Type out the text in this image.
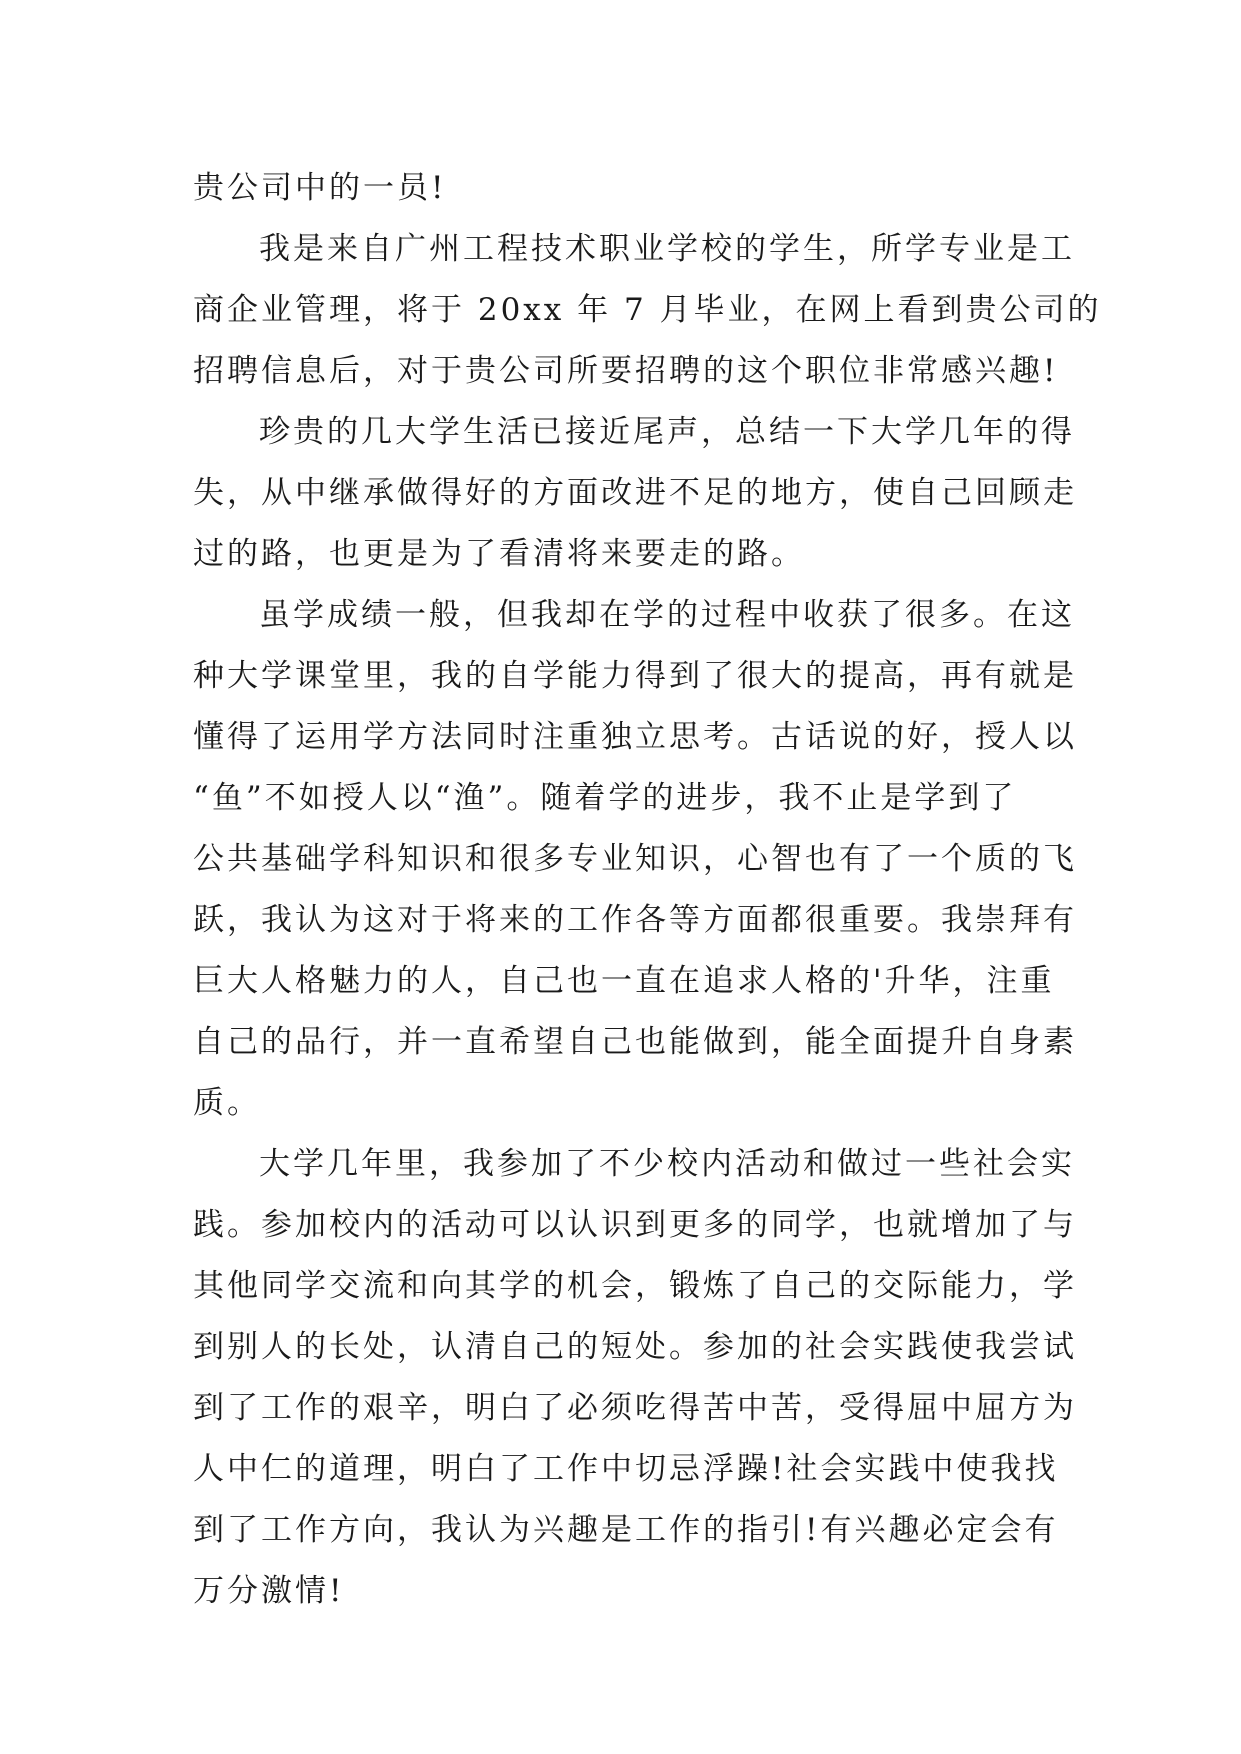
贵公司中的一员!
我是来自广州工程技术职业学校的学生，所学专业是工
商企业管理，将于 20xx 年 7 月毕业，在网上看到贵公司的
招聘信息后，对于贵公司所要招聘的这个职位非常感兴趣!
珍贵的几大学生活已接近尾声，总结一下大学几年的得
失，从中继承做得好的方面改进不足的地方，使自己回顾走
过的路，也更是为了看清将来要走的路。
虽学成绩一般，但我却在学的过程中收获了很多。在这
种大学课堂里，我的自学能力得到了很大的提高，再有就是
懂得了运用学方法同时注重独立思考。古话说的好，授人以
“鱼”不如授人以“渔”。随着学的进步，我不止是学到了
公共基础学科知识和很多专业知识，心智也有了一个质的飞
跃，我认为这对于将来的工作各等方面都很重要。我崇拜有
巨大人格魅力的人，自己也一直在追求人格的'升华，注重
自己的品行，并一直希望自己也能做到，能全面提升自身素
质。
大学几年里，我参加了不少校内活动和做过一些社会实
践。参加校内的活动可以认识到更多的同学，也就增加了与
其他同学交流和向其学的机会，锻炼了自己的交际能力，学
到别人的长处，认清自己的短处。参加的社会实践使我尝试
到了工作的艰辛，明白了必须吃得苦中苦，受得屈中屈方为
人中仁的道理，明白了工作中切忌浮躁!社会实践中使我找
到了工作方向，我认为兴趣是工作的指引!有兴趣必定会有
万分激情!
